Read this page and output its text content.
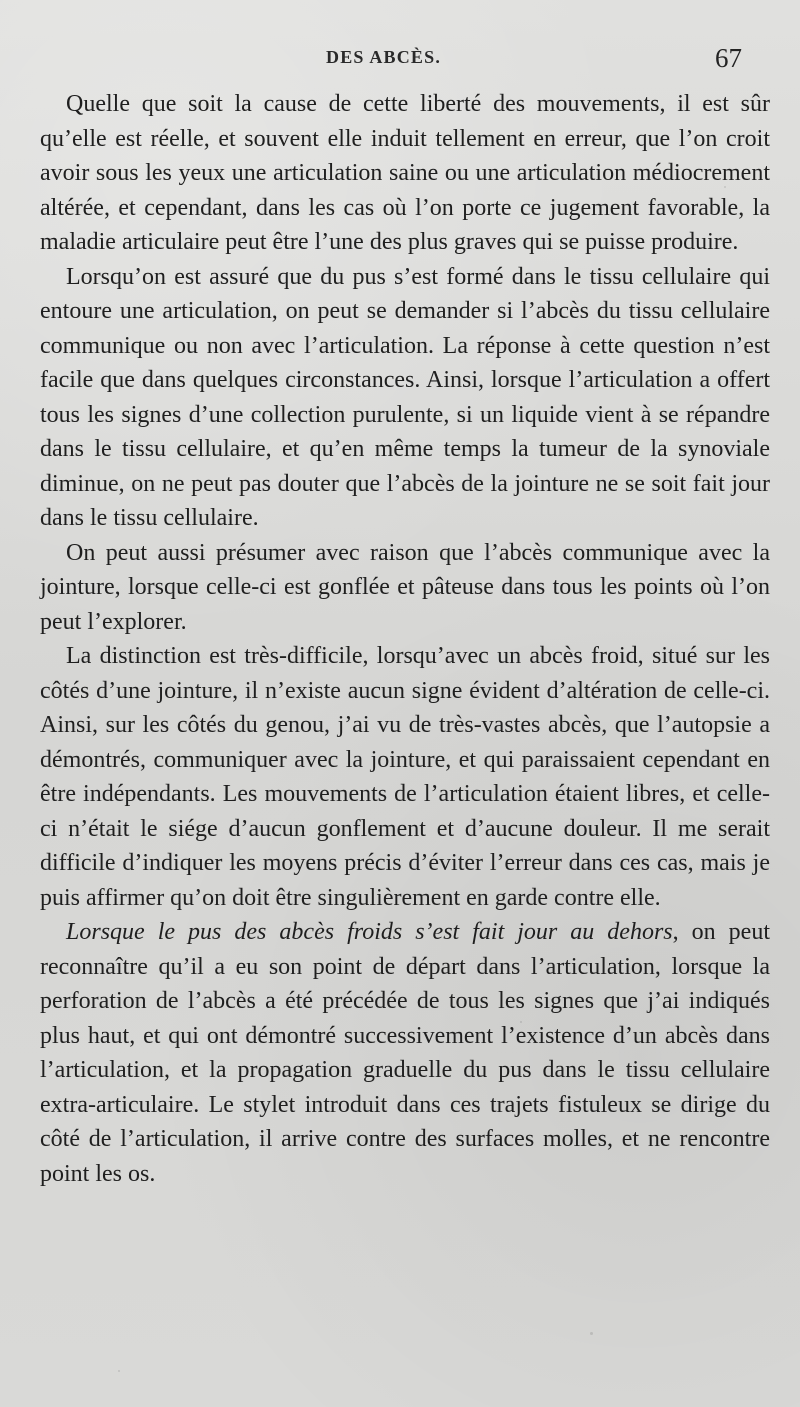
DES ABCÈS.	67

Quelle que soit la cause de cette liberté des mouvements, il est sûr qu’elle est réelle, et souvent elle induit tellement en erreur, que l’on croit avoir sous les yeux une articulation saine ou une articulation médiocrement altérée, et cependant, dans les cas où l’on porte ce jugement favorable, la maladie articulaire peut être l’une des plus graves qui se puisse produire.

Lorsqu’on est assuré que du pus s’est formé dans le tissu cellulaire qui entoure une articulation, on peut se demander si l’abcès du tissu cellulaire communique ou non avec l’articulation. La réponse à cette question n’est facile que dans quelques circonstances. Ainsi, lorsque l’articulation a offert tous les signes d’une collection purulente, si un liquide vient à se répandre dans le tissu cellulaire, et qu’en même temps la tumeur de la synoviale diminue, on ne peut pas douter que l’abcès de la jointure ne se soit fait jour dans le tissu cellulaire.

On peut aussi présumer avec raison que l’abcès communique avec la jointure, lorsque celle-ci est gonflée et pâteuse dans tous les points où l’on peut l’explorer.

La distinction est très-difficile, lorsqu’avec un abcès froid, situé sur les côtés d’une jointure, il n’existe aucun signe évident d’altération de celle-ci. Ainsi, sur les côtés du genou, j’ai vu de très-vastes abcès, que l’autopsie a démontrés, communiquer avec la jointure, et qui paraissaient cependant en être indépendants. Les mouvements de l’articulation étaient libres, et celle-ci n’était le siége d’aucun gonflement et d’aucune douleur. Il me serait difficile d’indiquer les moyens précis d’éviter l’erreur dans ces cas, mais je puis affirmer qu’on doit être singulièrement en garde contre elle.

Lorsque le pus des abcès froids s’est fait jour au dehors, on peut reconnaître qu’il a eu son point de départ dans l’articulation, lorsque la perforation de l’abcès a été précédée de tous les signes que j’ai indiqués plus haut, et qui ont démontré successivement l’existence d’un abcès dans l’articulation, et la propagation graduelle du pus dans le tissu cellulaire extra-articulaire. Le stylet introduit dans ces trajets fistuleux se dirige du côté de l’articulation, il arrive contre des surfaces molles, et ne rencontre point les os.
